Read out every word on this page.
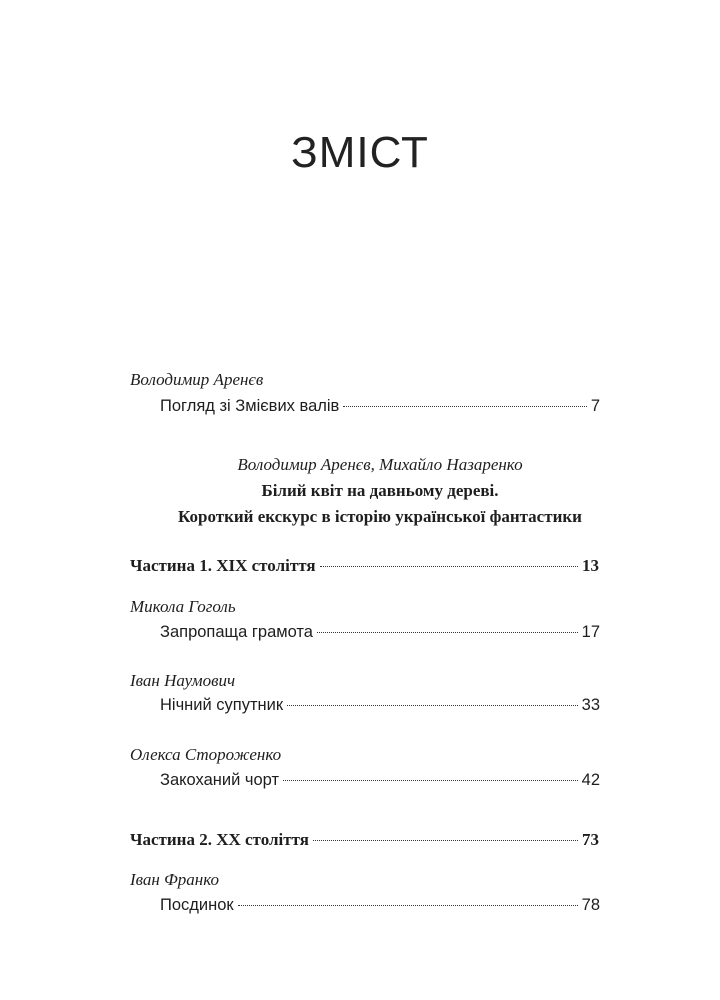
ЗМІСТ
Володимир Аренєв
Погляд зі Змієвих валів	7
Володимир Аренєв, Михайло Назаренко
Білий квіт на давньому дереві.
Короткий екскурс в історію української фантастики
Частина 1. XIX століття	13
Микола Гоголь
Запропаща грамота	17
Іван Наумович
Нічний супутник	33
Олекса Стороженко
Закоханий чорт	42
Частина 2. XX століття	73
Іван Франко
Посдинок	78
